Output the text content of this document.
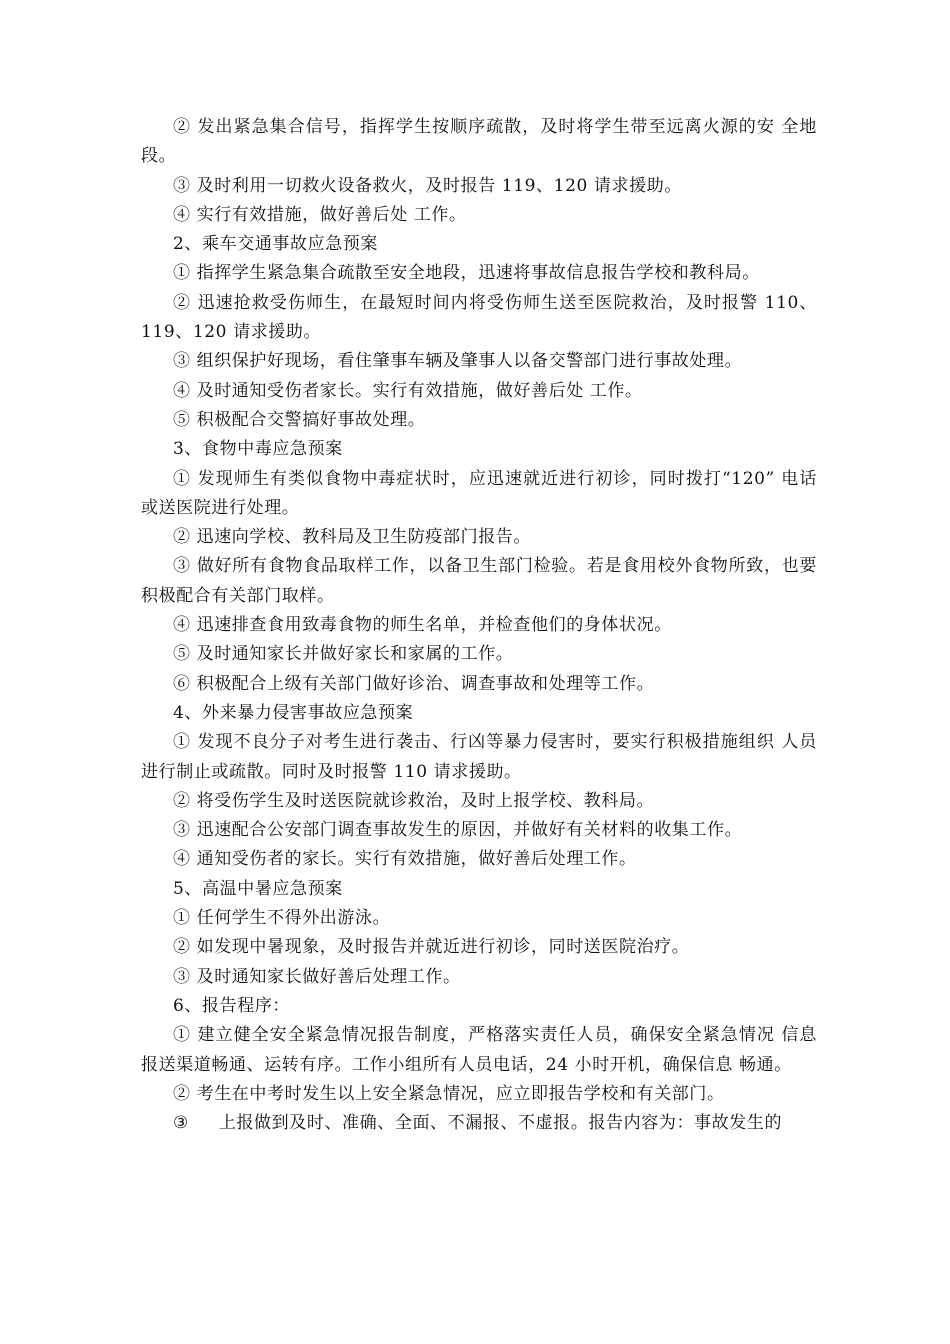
② 发出紧急集合信号，指挥学生按顺序疏散，及时将学生带至远离火源的安 全地段。

③ 及时利用一切救火设备救火，及时报告 119、120 请求援助。

④ 实行有效措施，做好善后处 工作。

2、乘车交通事故应急预案

① 指挥学生紧急集合疏散至安全地段，迅速将事故信息报告学校和教科局。

② 迅速抢救受伤师生，在最短时间内将受伤师生送至医院救治，及时报警 110、119、120 请求援助。

③ 组织保护好现场，看住肇事车辆及肇事人以备交警部门进行事故处理。

④ 及时通知受伤者家长。实行有效措施，做好善后处 工作。

⑤ 积极配合交警搞好事故处理。

3、食物中毒应急预案

① 发现师生有类似食物中毒症状时，应迅速就近进行初诊，同时拨打“120” 电话或送医院进行处理。

② 迅速向学校、教科局及卫生防疫部门报告。

③ 做好所有食物食品取样工作，以备卫生部门检验。若是食用校外食物所致，也要积极配合有关部门取样。

④ 迅速排查食用致毒食物的师生名单，并检查他们的身体状况。

⑤ 及时通知家长并做好家长和家属的工作。

⑥ 积极配合上级有关部门做好诊治、调查事故和处理等工作。

4、外来暴力侵害事故应急预案

① 发现不良分子对考生进行袭击、行凶等暴力侵害时，要实行积极措施组织 人员进行制止或疏散。同时及时报警 110 请求援助。

② 将受伤学生及时送医院就诊救治，及时上报学校、教科局。

③ 迅速配合公安部门调查事故发生的原因，并做好有关材料的收集工作。

④ 通知受伤者的家长。实行有效措施，做好善后处理工作。

5、高温中暑应急预案

① 任何学生不得外出游泳。

② 如发现中暑现象，及时报告并就近进行初诊，同时送医院治疗。

③ 及时通知家长做好善后处理工作。

6、报告程序：

① 建立健全安全紧急情况报告制度，严格落实责任人员，确保安全紧急情况 信息报送渠道畅通、运转有序。工作小组所有人员电话，24 小时开机，确保信息 畅通。

② 考生在中考时发生以上安全紧急情况，应立即报告学校和有关部门。

③ 上报做到及时、准确、全面、不漏报、不虚报。报告内容为：事故发生的
